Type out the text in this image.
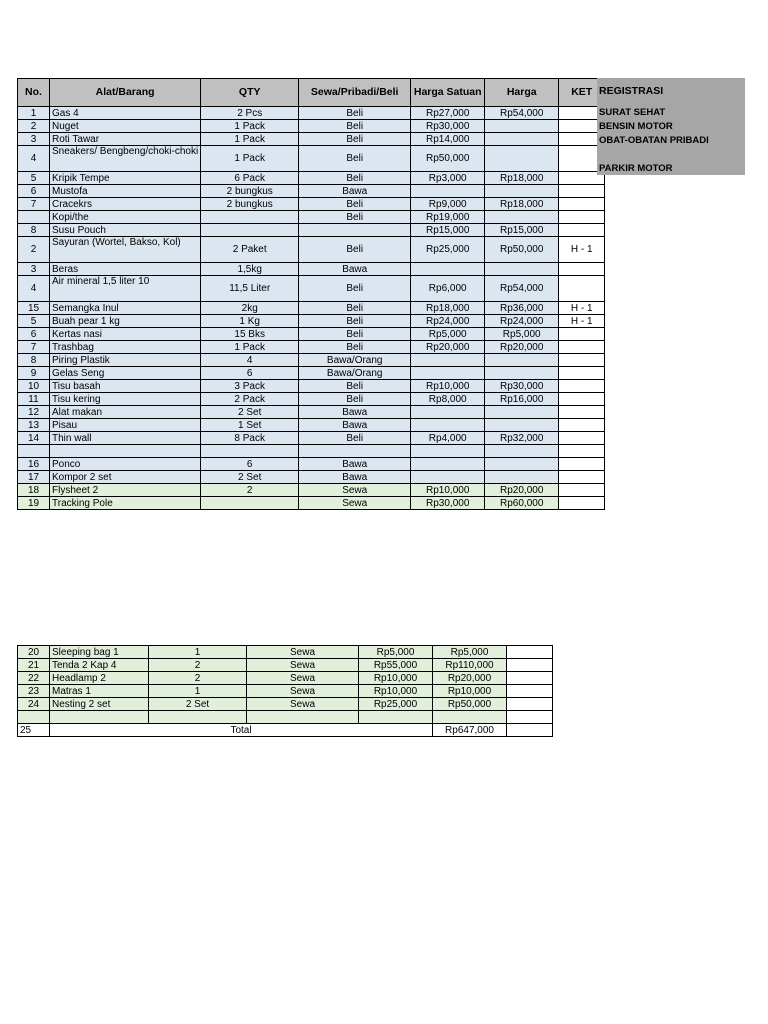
No.	Alat/Barang	QTY	Sewa/Pribadi/Beli	Harga Satuan	Harga	KET
1	Gas 4	2 Pcs	Beli	Rp27,000	Rp54,000	
2	Nuget	1 Pack	Beli	Rp30,000		
3	Roti Tawar	1 Pack	Beli	Rp14,000		
4	Sneakers/ Bengbeng/choki-choki	1 Pack	Beli	Rp50,000		
5	Kripik Tempe	6 Pack	Beli	Rp3,000	Rp18,000	
6	Mustofa	2 bungkus	Bawa			
7	Cracekrs	2 bungkus	Beli	Rp9,000	Rp18,000	
	Kopi/the		Beli	Rp19,000		
8	Susu Pouch			Rp15,000	Rp15,000	
2	Sayuran (Wortel, Bakso, Kol)	2 Paket	Beli	Rp25,000	Rp50,000	H - 1
3	Beras	1,5kg	Bawa			
4	Air mineral 1,5 liter 10	11,5 Liter	Beli	Rp6,000	Rp54,000	
15	Semangka Inul	2kg	Beli	Rp18,000	Rp36,000	H - 1
5	Buah pear 1 kg	1 Kg	Beli	Rp24,000	Rp24,000	H - 1
6	Kertas nasi	15 Bks	Beli	Rp5,000	Rp5,000	
7	Trashbag	1 Pack	Beli	Rp20,000	Rp20,000	
8	Piring Plastik	4	Bawa/Orang			
9	Gelas Seng	6	Bawa/Orang			
10	Tisu basah	3 Pack	Beli	Rp10,000	Rp30,000	
11	Tisu kering	2 Pack	Beli	Rp8,000	Rp16,000	
12	Alat makan	2 Set	Bawa			
13	Pisau	1 Set	Bawa			
14	Thin wall	8 Pack	Beli	Rp4,000	Rp32,000	

16	Ponco	6	Bawa			
17	Kompor 2 set	2 Set	Bawa			
18	Flysheet 2	2	Sewa	Rp10,000	Rp20,000	
19	Tracking Pole		Sewa	Rp30,000	Rp60,000	
20	Sleeping bag 1	1	Sewa	Rp5,000	Rp5,000	
21	Tenda 2 Kap 4	2	Sewa	Rp55,000	Rp110,000	
22	Headlamp 2	2	Sewa	Rp10,000	Rp20,000	
23	Matras 1	1	Sewa	Rp10,000	Rp10,000	
24	Nesting 2 set	2 Set	Sewa	Rp25,000	Rp50,000	

25	Total				Rp647,000	
REGISTRASI
SURAT SEHAT
BENSIN MOTOR
OBAT-OBATAN PRIBADI
PARKIR MOTOR
